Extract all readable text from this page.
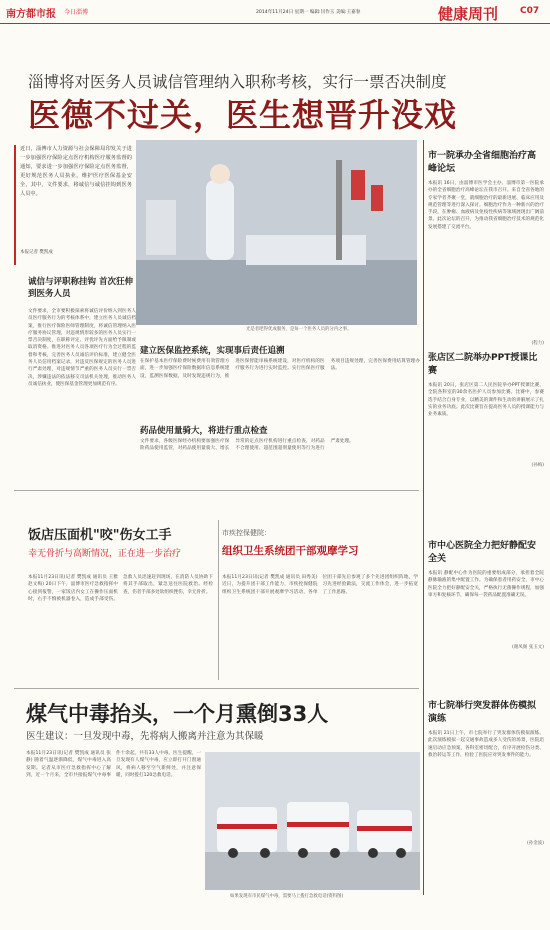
南方都市报 今日淄博	2014年11月24日 星期一 编辑:闫作玉 美编:王嘉春	健康周刊 C07
淄博将对医务人员诚信管理纳入职称考核，实行一票否决制度
医德不过关，医生想晋升没戏
近日，淄博市人力资源与社会保障局印发关于进一步加强医疗保险定点医疗机构医疗服务监督的通知，要求进一步加强医疗保险定点医务监督，更好规范医务人员执业，维护医疗医保基金安全，其中，文件要求，将诚信与诚信挂钩到医务人员中。
本报记者 樊凯成
光是者吧得优成服务，是每一个医务人员的分内之事。
诚信与评职称挂钩 首次狂伸到医务人员
文件要求，全市要积极探索将诚信评价纳入到医务人员医疗服务行为的考核体系中，建立医务人员诚信档案，推行医疗保险医师管理制度，将诚信管理纳入医疗服务协议管理，对违规情形较多的医务人员实行一票否决制度，在职称评定、评优评先方面给予限制或取消资格。推进对医务人员各项医疗行为全过程的监督和考核，完善医务人员诚信评价标准，建立健全医务人员信用档案记录，对违反医保规定的医务人员进行严肃处理，对违规情节严重的医务人员实行一票否决，涉嫌违法的依法移交司法机关处理，推动医务人员诚信执业，使医保基金管理更加规范有序。
建立医保监控系统，实现事后责任追溯
在保护基本医疗保险费时候费用有效管理方面，进一步加强医疗保险数据库信息系统建设，监测医保数据，及时发现违规行为，推进医保智能审核系统建设，对医疗机构的医疗服务行为进行实时监控。实行医保医疗服务项目违规处理，完善医保费用结算管理办法。
药品使用量骑大，将进行重点检查
文件要求，各级医保经办机构要加强医疗保险药品使用监管，对药品使用量骑大、增长异常的定点医疗机构进行重点检查，对药品不合理使用、超范围超剂量使用等行为进行严肃处理。
市一院承办全省细胞治疗高峰论坛
本报讯 16日，由淄博市医学会主办、淄博市第一医院承办的全省细胞治疗高峰论坛在我市召开。来自全省各地的专家学者齐聚一堂，就细胞治疗的最新进展、临床应用及规范管理等进行深入探讨。细胞治疗作为一种新兴的治疗手段，在肿瘤、血液病及免疫性疾病等领域展现出广阔前景。此次论坛的召开，为推动我省细胞治疗技术的规范化发展搭建了交流平台。
(程力)
张店区二院举办PPT授课比赛
本报讯 20日，张店区第二人民医院举办PPT授课比赛，全院各科室的30余名医护人员参加比赛。比赛中，参赛选手结合自身专业，以精美的课件和生动的讲解展示了扎实的业务功底。此次比赛旨在提高医务人员的授课能力与业务素质。
(孙梅)
市中心医院全力把好静配安全关
本报讯 静配中心作为医院的重要组成部分，承担着全院静脉输液的集中配置工作。为确保患者用药安全，市中心医院全力把好静配安全关，严格执行无菌操作规程，加强审方和复核环节，确保每一袋药品配置准确无误。
(谢凤阁 张玉文)
市七院举行突发群体伤模拟演练
本报讯 21日上午，市七院举行了突发群体伤模拟演练。此次演练模拟一起交通事故造成多人受伤的场景，医院迅速启动应急预案，各科室密切配合，有序开展检伤分类、救治转运等工作，检验了医院应对突发事件的能力。
(孙金波)
饭店压面机"咬"伤女工手
幸无骨折与高断情况，正在进一步治疗
本报11月23日讯(记者 樊凯成 通讯员 王雅 赵文梅) 20日下午，淄博市医疗急救指挥中心接到报警，一家饭店内女工在操作压面机时，右手不慎被机器卷入，造成手部受伤。急救人员迅速赶到现场，在消防人员协助下将其手部取出，紧急送往医院救治。经检查，伤者手部多处软组织挫伤，幸无骨折。
市疾控保健院：
组织卫生系统团干部观摩学习
本报11月23日讯(记者 樊凯成 通讯员 田秀美) 近日，为提升团干部工作能力，市疾控保健院组织卫生系统团干部开展观摩学习活动，各单位团干部先后参观了多个先进团组织阵地，学习先进经验做法，交流工作体会，进一步拓宽了工作思路。
煤气中毒抬头，一个月熏倒33人
医生建议：一旦发现中毒，先将病人搬离并注意为其保暖
本报11月23日讯(记者 樊凯成 通讯员 张静) 随着气温逐渐降低，煤气中毒进入高发期。记者从市医疗急救指挥中心了解到，近一个月来，全市共接报煤气中毒事件十余起，共有33人中毒。医生提醒，一旦发现有人煤气中毒，应立即打开门窗通风，将病人移至空气新鲜处，并注意保暖，同时拨打120急救电话。
如果发现有市民煤气中毒，需要马上拨打急救电话(资料图)
